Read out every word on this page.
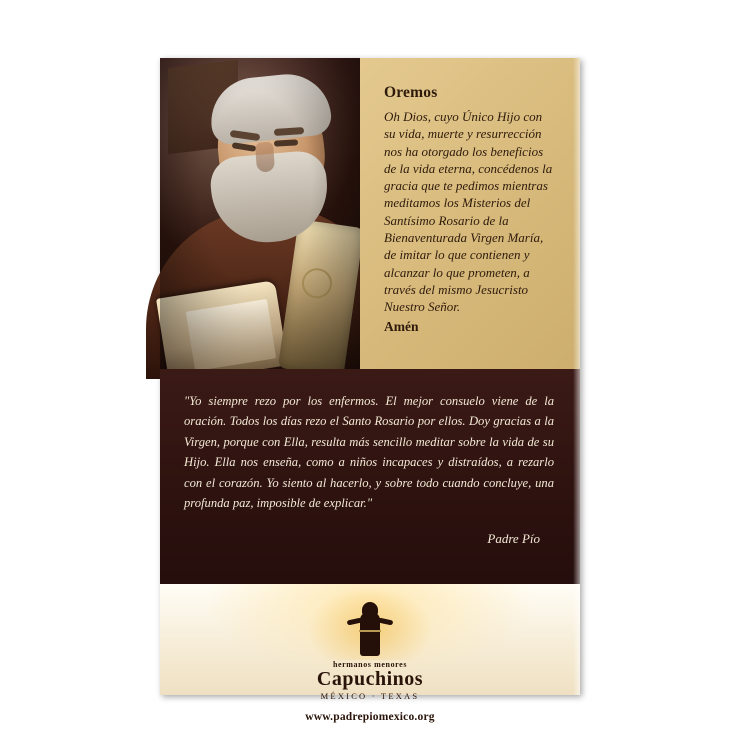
Oremos

Oh Dios, cuyo Único Hijo con su vida, muerte y resurrección nos ha otorgado los beneficios de la vida eterna, concédenos la gracia que te pedimos mientras meditamos los Misterios del Santísimo Rosario de la Bienaventurada Virgen María, de imitar lo que contienen y alcanzar lo que prometen, a través del mismo Jesucristo Nuestro Señor.
Amén

"Yo siempre rezo por los enfermos. El mejor consuelo viene de la oración. Todos los días rezo el Santo Rosario por ellos. Doy gracias a la Virgen, porque con Ella, resulta más sencillo meditar sobre la vida de su Hijo. Ella nos enseña, como a niños incapaces y distraídos, a rezarlo con el corazón. Yo siento al hacerlo, y sobre todo cuando concluye, una profunda paz, imposible de explicar."

Padre Pío
hermanos menores
Capuchinos
MÉXICO · TEXAS
www.padrepiomexico.org
